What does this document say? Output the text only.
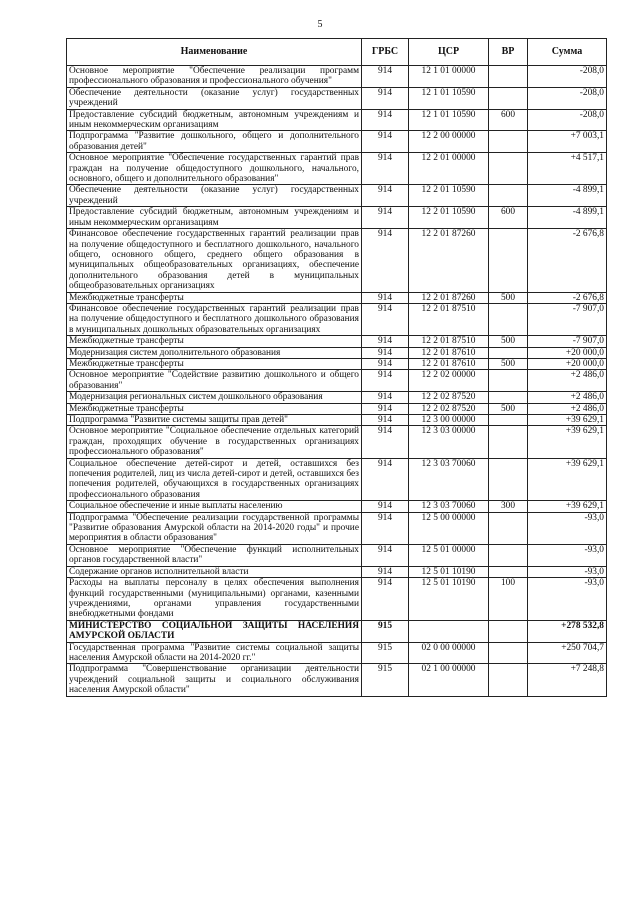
5
Наименование	ГРБС	ЦСР	ВР	Сумма
Основное мероприятие "Обеспечение реализации программ профессионального образования и профессионального обучения"	914	12 1 01 00000		-208,0
Обеспечение деятельности (оказание услуг) государственных учреждений	914	12 1 01 10590		-208,0
Предоставление субсидий бюджетным, автономным учреждениям и иным некоммерческим организациям	914	12 1 01 10590	600	-208,0
Подпрограмма "Развитие дошкольного, общего и дополнительного образования детей"	914	12 2 00 00000		+7 003,1
Основное мероприятие "Обеспечение государственных гарантий прав граждан на получение общедоступного дошкольного, начального, основного, общего и дополнительного образования"	914	12 2 01 00000		+4 517,1
Обеспечение деятельности (оказание услуг) государственных учреждений	914	12 2 01 10590		-4 899,1
Предоставление субсидий бюджетным, автономным учреждениям и иным некоммерческим организациям	914	12 2 01 10590	600	-4 899,1
Финансовое обеспечение государственных гарантий реализации прав на получение общедоступного и бесплатного дошкольного, начального общего, основного общего, среднего общего образования в муниципальных общеобразовательных организациях, обеспечение дополнительного образования детей в муниципальных общеобразовательных организациях	914	12 2 01 87260		-2 676,8
Межбюджетные трансферты	914	12 2 01 87260	500	-2 676,8
Финансовое обеспечение государственных гарантий реализации прав на получение общедоступного и бесплатного дошкольного образования в муниципальных дошкольных образовательных организациях	914	12 2 01 87510		-7 907,0
Межбюджетные трансферты	914	12 2 01 87510	500	-7 907,0
Модернизация систем дополнительного образования	914	12 2 01 87610		+20 000,0
Межбюджетные трансферты	914	12 2 01 87610	500	+20 000,0
Основное мероприятие "Содействие развитию дошкольного и общего образования"	914	12 2 02 00000		+2 486,0
Модернизация региональных систем дошкольного образования	914	12 2 02 87520		+2 486,0
Межбюджетные трансферты	914	12 2 02 87520	500	+2 486,0
Подпрограмма "Развитие системы защиты прав детей"	914	12 3 00 00000		+39 629,1
Основное мероприятие "Социальное обеспечение отдельных категорий граждан, проходящих обучение в государственных организациях профессионального образования"	914	12 3 03 00000		+39 629,1
Социальное обеспечение детей-сирот и детей, оставшихся без попечения родителей, лиц из числа детей-сирот и детей, оставшихся без попечения родителей, обучающихся в государственных организациях профессионального образования	914	12 3 03 70060		+39 629,1
Социальное обеспечение и иные выплаты населению	914	12 3 03 70060	300	+39 629,1
Подпрограмма "Обеспечение реализации государственной программы "Развитие образования Амурской области на 2014-2020 годы" и прочие мероприятия в области образования"	914	12 5 00 00000		-93,0
Основное мероприятие "Обеспечение функций исполнительных органов государственной власти"	914	12 5 01 00000		-93,0
Содержание органов исполнительной власти	914	12 5 01 10190		-93,0
Расходы на выплаты персоналу в целях обеспечения выполнения функций государственными (муниципальными) органами, казенными учреждениями, органами управления государственными внебюджетными фондами	914	12 5 01 10190	100	-93,0
МИНИСТЕРСТВО СОЦИАЛЬНОЙ ЗАЩИТЫ НАСЕЛЕНИЯ АМУРСКОЙ ОБЛАСТИ	915			+278 532,8
Государственная программа "Развитие системы социальной защиты населения Амурской области на 2014-2020 гг."	915	02 0 00 00000		+250 704,7
Подпрограмма "Совершенствование организации деятельности учреждений социальной защиты и социального обслуживания населения Амурской области"	915	02 1 00 00000		+7 248,8
